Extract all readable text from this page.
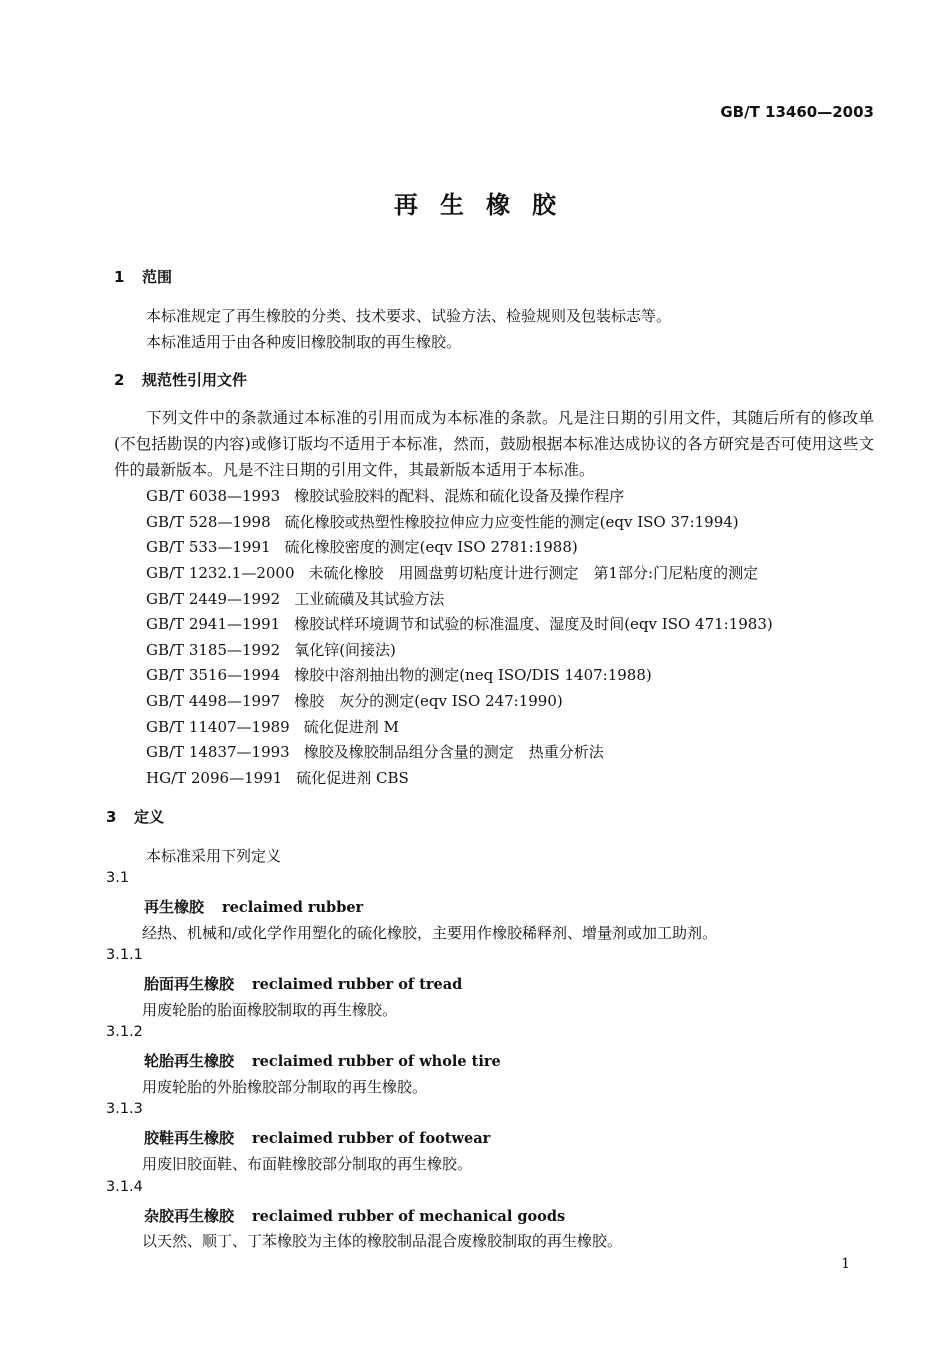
GB/T 13460—2003
再生橡胶
1 范围
本标准规定了再生橡胶的分类、技术要求、试验方法、检验规则及包装标志等。
本标准适用于由各种废旧橡胶制取的再生橡胶。
2 规范性引用文件
下列文件中的条款通过本标准的引用而成为本标准的条款。凡是注日期的引用文件，其随后所有的修改单(不包括勘误的内容)或修订版均不适用于本标准，然而，鼓励根据本标准达成协议的各方研究是否可使用这些文件的最新版本。凡是不注日期的引用文件，其最新版本适用于本标准。
GB/T 6038—1993 橡胶试验胶料的配料、混炼和硫化设备及操作程序
GB/T 528—1998 硫化橡胶或热塑性橡胶拉伸应力应变性能的测定(eqv ISO 37:1994)
GB/T 533—1991 硫化橡胶密度的测定(eqv ISO 2781:1988)
GB/T 1232.1—2000 未硫化橡胶　用圆盘剪切粘度计进行测定　第1部分:门尼粘度的测定
GB/T 2449—1992 工业硫磺及其试验方法
GB/T 2941—1991 橡胶试样环境调节和试验的标准温度、湿度及时间(eqv ISO 471:1983)
GB/T 3185—1992 氧化锌(间接法)
GB/T 3516—1994 橡胶中溶剂抽出物的测定(neq ISO/DIS 1407:1988)
GB/T 4498—1997 橡胶　灰分的测定(eqv ISO 247:1990)
GB/T 11407—1989 硫化促进剂 M
GB/T 14837—1993 橡胶及橡胶制品组分含量的测定　热重分析法
HG/T 2096—1991 硫化促进剂 CBS
3 定义
本标准采用下列定义
3.1
再生橡胶 reclaimed rubber
经热、机械和/或化学作用塑化的硫化橡胶，主要用作橡胶稀释剂、增量剂或加工助剂。
3.1.1
胎面再生橡胶 reclaimed rubber of tread
用废轮胎的胎面橡胶制取的再生橡胶。
3.1.2
轮胎再生橡胶 reclaimed rubber of whole tire
用废轮胎的外胎橡胶部分制取的再生橡胶。
3.1.3
胶鞋再生橡胶 reclaimed rubber of footwear
用废旧胶面鞋、布面鞋橡胶部分制取的再生橡胶。
3.1.4
杂胶再生橡胶 reclaimed rubber of mechanical goods
以天然、顺丁、丁苯橡胶为主体的橡胶制品混合废橡胶制取的再生橡胶。
1
